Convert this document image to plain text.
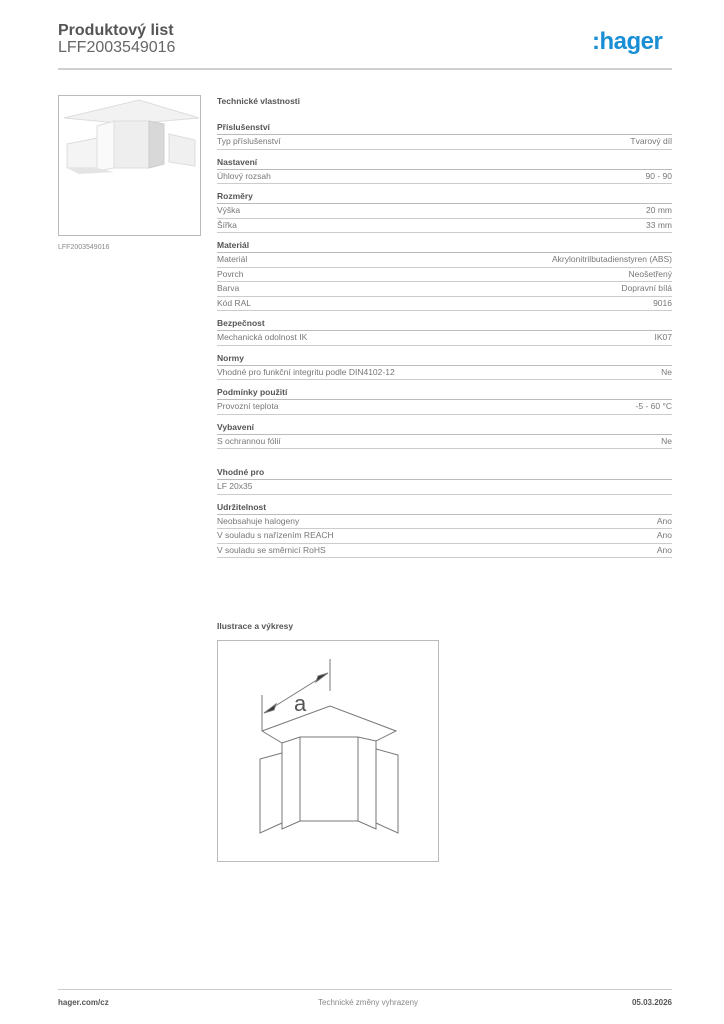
Produktový list
LFF2003549016	:hager
LFF2003549016
Technické vlastnosti
Příslušenství
Typ příslušenství	Tvarový díl
Nastavení
Úhlový rozsah	90 - 90
Rozměry
Výška	20 mm
Šířka	33 mm
Materiál
Materiál	Akrylonitrilbutadienstyren (ABS)
Povrch	Neošetřený
Barva	Dopravní bílá
Kód RAL	9016
Bezpečnost
Mechanická odolnost IK	IK07
Normy
Vhodné pro funkční integritu podle DIN4102-12	Ne
Podmínky použití
Provozní teplota	-5 - 60 °C
Vybavení
S ochrannou fólií	Ne
Vhodné pro
LF 20x35
Udržitelnost
Neobsahuje halogeny	Ano
V souladu s nařízením REACH	Ano
V souladu se směrnicí RoHS	Ano
Ilustrace a výkresy
a
hager.com/cz	Technické změny vyhrazeny	05.03.2026
